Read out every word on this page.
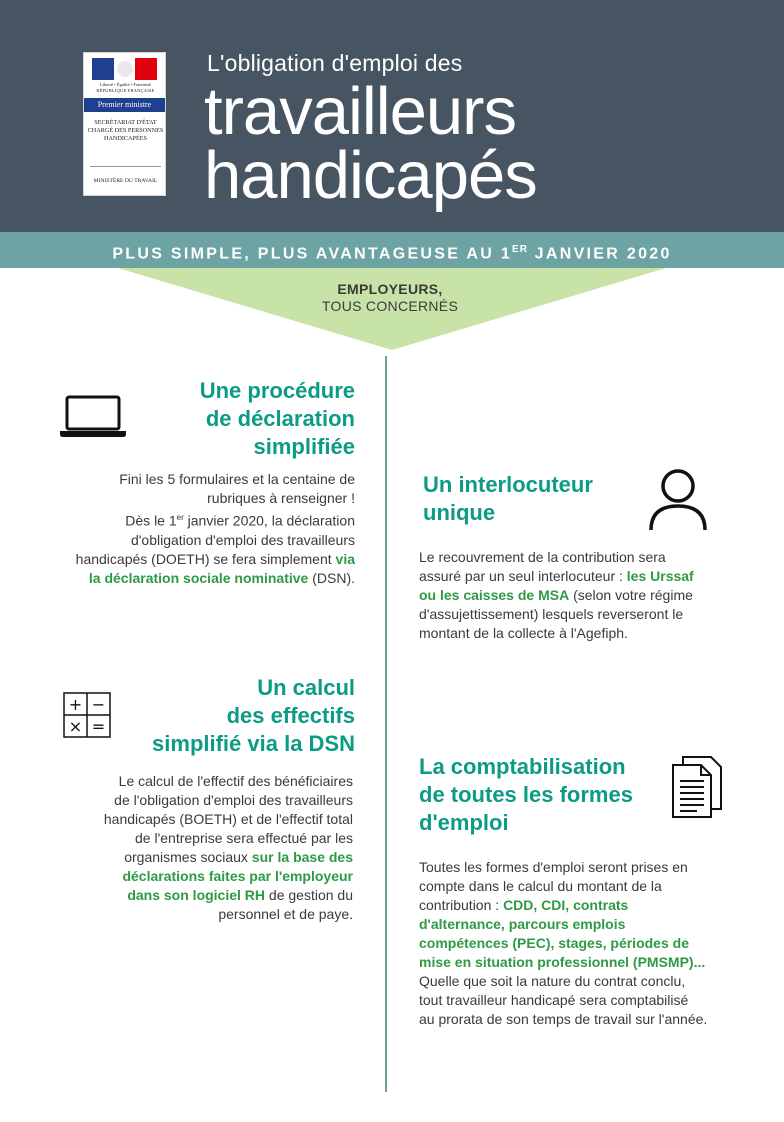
Liberté • Égalité • Fraternité
RÉPUBLIQUE FRANÇAISE
Premier ministre
SECRÉTARIAT D'ÉTAT CHARGÉ DES PERSONNES HANDICAPÉES
MINISTÈRE DU TRAVAIL
L'obligation d'emploi des
travailleurs
handicapés
PLUS SIMPLE, PLUS AVANTAGEUSE AU 1ER JANVIER 2020
EMPLOYEURS,
TOUS CONCERNÉS
Une procédure
de déclaration
simplifiée
Fini les 5 formulaires et la centaine de
rubriques à renseigner !
Dès le 1er janvier 2020, la déclaration
d'obligation d'emploi des travailleurs
handicapés (DOETH) se fera simplement via
la déclaration sociale nominative (DSN).
Un interlocuteur
unique
Le recouvrement de la contribution sera
assuré par un seul interlocuteur : les Urssaf
ou les caisses de MSA (selon votre régime
d'assujettissement) lesquels reverseront le
montant de la collecte à l'Agefiph.
+ −
× =
Un calcul
des effectifs
simplifié via la DSN
Le calcul de l'effectif des bénéficiaires
de l'obligation d'emploi des travailleurs
handicapés (BOETH) et de l'effectif total
de l'entreprise sera effectué par les
organismes sociaux sur la base des
déclarations faites par l'employeur
dans son logiciel RH de gestion du
personnel et de paye.
La comptabilisation
de toutes les formes
d'emploi
Toutes les formes d'emploi seront prises en
compte dans le calcul du montant de la
contribution : CDD, CDI, contrats
d'alternance, parcours emplois
compétences (PEC), stages, périodes de
mise en situation professionnel (PMSMP)...
Quelle que soit la nature du contrat conclu,
tout travailleur handicapé sera comptabilisé
au prorata de son temps de travail sur l'année.
